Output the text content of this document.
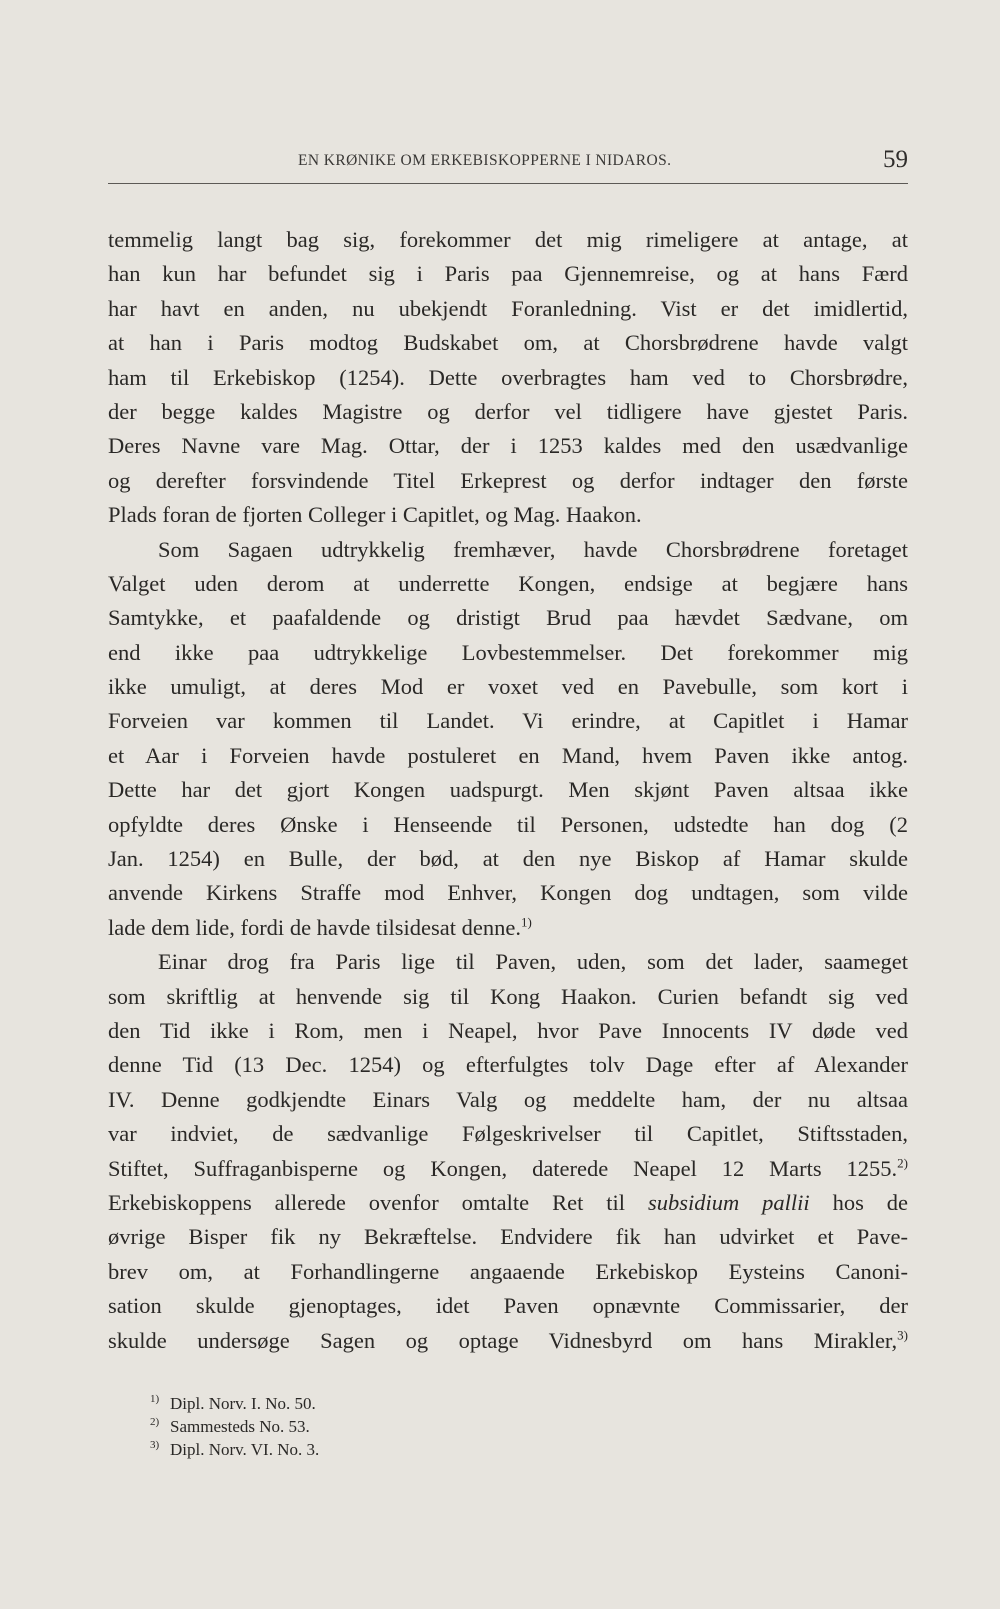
EN KRØNIKE OM ERKEBISKOPPERNE I NIDAROS.	59
temmelig langt bag sig, forekommer det mig rimeligere at antage, at
han kun har befundet sig i Paris paa Gjennemreise, og at hans Færd
har havt en anden, nu ubekjendt Foranledning. Vist er det imidlertid,
at han i Paris modtog Budskabet om, at Chorsbrødrene havde valgt
ham til Erkebiskop (1254). Dette overbragtes ham ved to Chorsbrødre,
der begge kaldes Magistre og derfor vel tidligere have gjestet Paris.
Deres Navne vare Mag. Ottar, der i 1253 kaldes med den usædvanlige
og derefter forsvindende Titel Erkeprest og derfor indtager den første
Plads foran de fjorten Colleger i Capitlet, og Mag. Haakon.
Som Sagaen udtrykkelig fremhæver, havde Chorsbrødrene foretaget
Valget uden derom at underrette Kongen, endsige at begjære hans
Samtykke, et paafaldende og dristigt Brud paa hævdet Sædvane, om
end ikke paa udtrykkelige Lovbestemmelser. Det forekommer mig
ikke umuligt, at deres Mod er voxet ved en Pavebulle, som kort i
Forveien var kommen til Landet. Vi erindre, at Capitlet i Hamar
et Aar i Forveien havde postuleret en Mand, hvem Paven ikke antog.
Dette har det gjort Kongen uadspurgt. Men skjønt Paven altsaa ikke
opfyldte deres Ønske i Henseende til Personen, udstedte han dog (2
Jan. 1254) en Bulle, der bød, at den nye Biskop af Hamar skulde
anvende Kirkens Straffe mod Enhver, Kongen dog undtagen, som vilde
lade dem lide, fordi de havde tilsidesat denne.$^{1)}$
Einar drog fra Paris lige til Paven, uden, som det lader, saameget
som skriftlig at henvende sig til Kong Haakon. Curien befandt sig ved
den Tid ikke i Rom, men i Neapel, hvor Pave Innocents IV døde ved
denne Tid (13 Dec. 1254) og efterfulgtes tolv Dage efter af Alexander
IV. Denne godkjendte Einars Valg og meddelte ham, der nu altsaa
var indviet, de sædvanlige Følgeskrivelser til Capitlet, Stiftsstaden,
Stiftet, Suffraganbisperne og Kongen, daterede Neapel 12 Marts 1255.$^{2)}$
Erkebiskoppens allerede ovenfor omtalte Ret til subsidium pallii hos de
øvrige Bisper fik ny Bekræftelse. Endvidere fik han udvirket et Pave-
brev om, at Forhandlingerne angaaende Erkebiskop Eysteins Canoni-
sation skulde gjenoptages, idet Paven opnævnte Commissarier, der
skulde undersøge Sagen og optage Vidnesbyrd om hans Mirakler,$^{3)}$
1) Dipl. Norv. I. No. 50.
2) Sammesteds No. 53.
3) Dipl. Norv. VI. No. 3.
